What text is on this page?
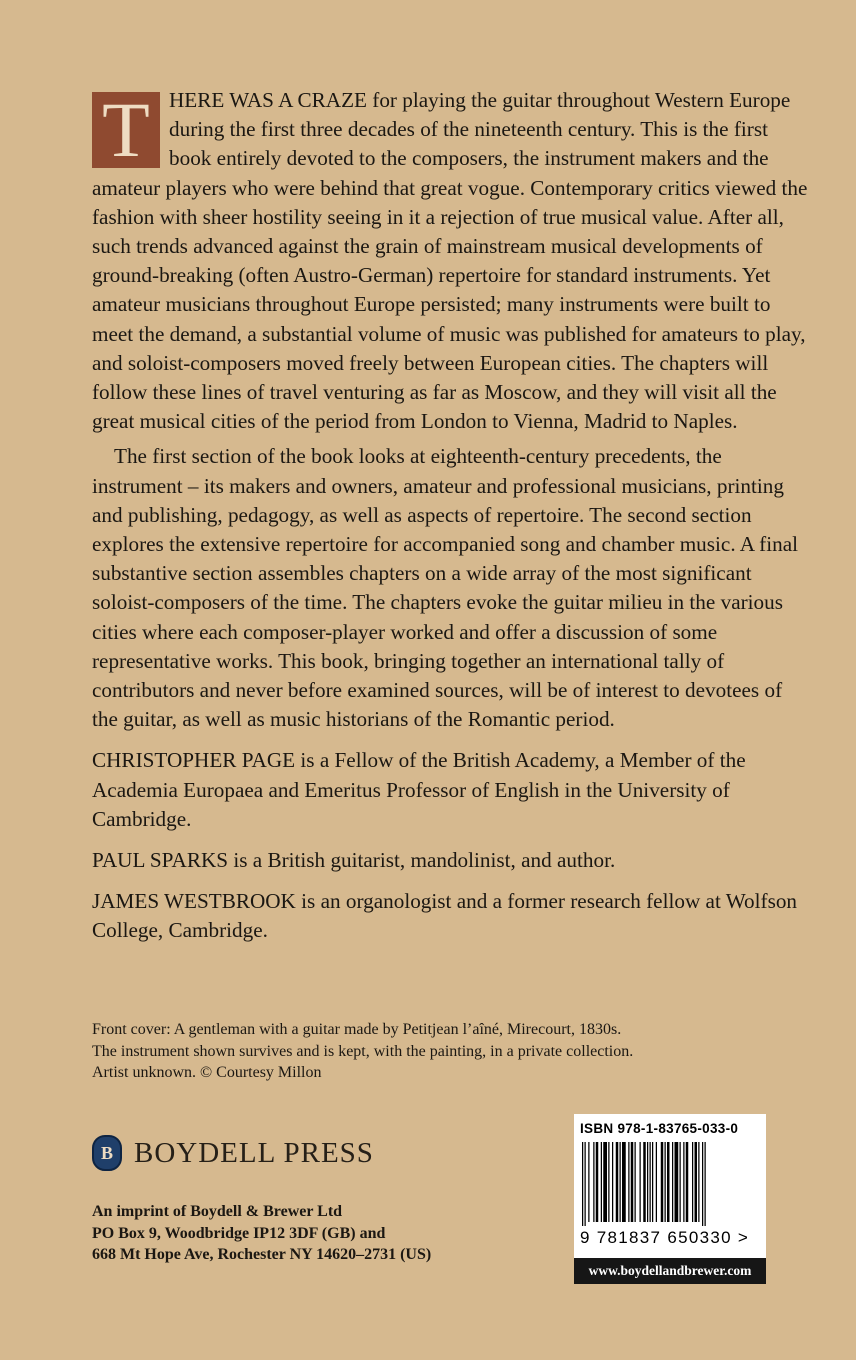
T HERE WAS A CRAZE for playing the guitar throughout Western Europe during the first three decades of the nineteenth century. This is the first book entirely devoted to the composers, the instrument makers and the amateur players who were behind that great vogue. Contemporary critics viewed the fashion with sheer hostility seeing in it a rejection of true musical value. After all, such trends advanced against the grain of mainstream musical developments of ground-breaking (often Austro-German) repertoire for standard instruments. Yet amateur musicians throughout Europe persisted; many instruments were built to meet the demand, a substantial volume of music was published for amateurs to play, and soloist-composers moved freely between European cities. The chapters will follow these lines of travel venturing as far as Moscow, and they will visit all the great musical cities of the period from London to Vienna, Madrid to Naples.

The first section of the book looks at eighteenth-century precedents, the instrument – its makers and owners, amateur and professional musicians, printing and publishing, pedagogy, as well as aspects of repertoire. The second section explores the extensive repertoire for accompanied song and chamber music. A final substantive section assembles chapters on a wide array of the most significant soloist-composers of the time. The chapters evoke the guitar milieu in the various cities where each composer-player worked and offer a discussion of some representative works. This book, bringing together an international tally of contributors and never before examined sources, will be of interest to devotees of the guitar, as well as music historians of the Romantic period.

CHRISTOPHER PAGE is a Fellow of the British Academy, a Member of the Academia Europaea and Emeritus Professor of English in the University of Cambridge.

PAUL SPARKS is a British guitarist, mandolinist, and author.

JAMES WESTBROOK is an organologist and a former research fellow at Wolfson College, Cambridge.

Front cover: A gentleman with a guitar made by Petitjean l’aîné, Mirecourt, 1830s.
The instrument shown survives and is kept, with the painting, in a private collection.
Artist unknown. © Courtesy Millon
B BOYDELL PRESS
An imprint of Boydell & Brewer Ltd
PO Box 9, Woodbridge IP12 3DF (GB) and
668 Mt Hope Ave, Rochester NY 14620–2731 (US)
ISBN 978-1-83765-033-0
9 781837 650330 >
www.boydellandbrewer.com
